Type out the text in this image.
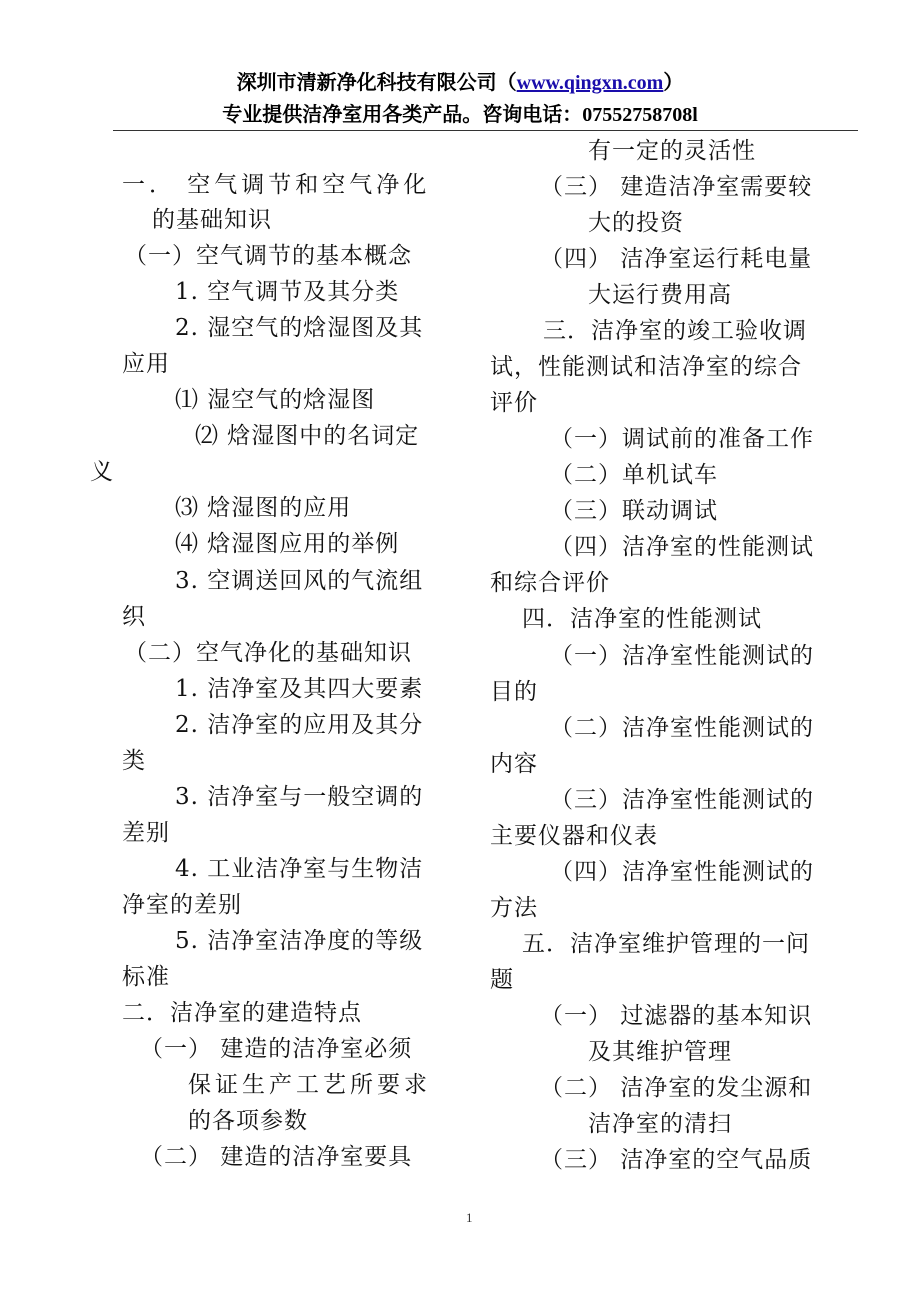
深圳市清新净化科技有限公司（www.qingxn.com）
专业提供洁净室用各类产品。咨询电话：07552758708l
一． 空气调节和空气净化
的基础知识
（一）空气调节的基本概念
1. 空气调节及其分类
2. 湿空气的焓湿图及其
应用
⑴ 湿空气的焓湿图
⑵ 焓湿图中的名词定
义
⑶ 焓湿图的应用
⑷ 焓湿图应用的举例
3. 空调送回风的气流组
织
（二）空气净化的基础知识
1. 洁净室及其四大要素
2. 洁净室的应用及其分
类
3. 洁净室与一般空调的
差别
4. 工业洁净室与生物洁
净室的差别
5. 洁净室洁净度的等级
标准
二．洁净室的建造特点
（一） 建造的洁净室必须
保证生产工艺所要求
的各项参数
（二） 建造的洁净室要具
有一定的灵活性
（三） 建造洁净室需要较
大的投资
（四） 洁净室运行耗电量
大运行费用高
三．洁净室的竣工验收调
试，性能测试和洁净室的综合
评价
（一）调试前的准备工作
（二）单机试车
（三）联动调试
（四）洁净室的性能测试
和综合评价
四．洁净室的性能测试
（一）洁净室性能测试的
目的
（二）洁净室性能测试的
内容
（三）洁净室性能测试的
主要仪器和仪表
（四）洁净室性能测试的
方法
五．洁净室维护管理的一问
题
（一） 过滤器的基本知识
及其维护管理
（二） 洁净室的发尘源和
洁净室的清扫
（三） 洁净室的空气品质
1
